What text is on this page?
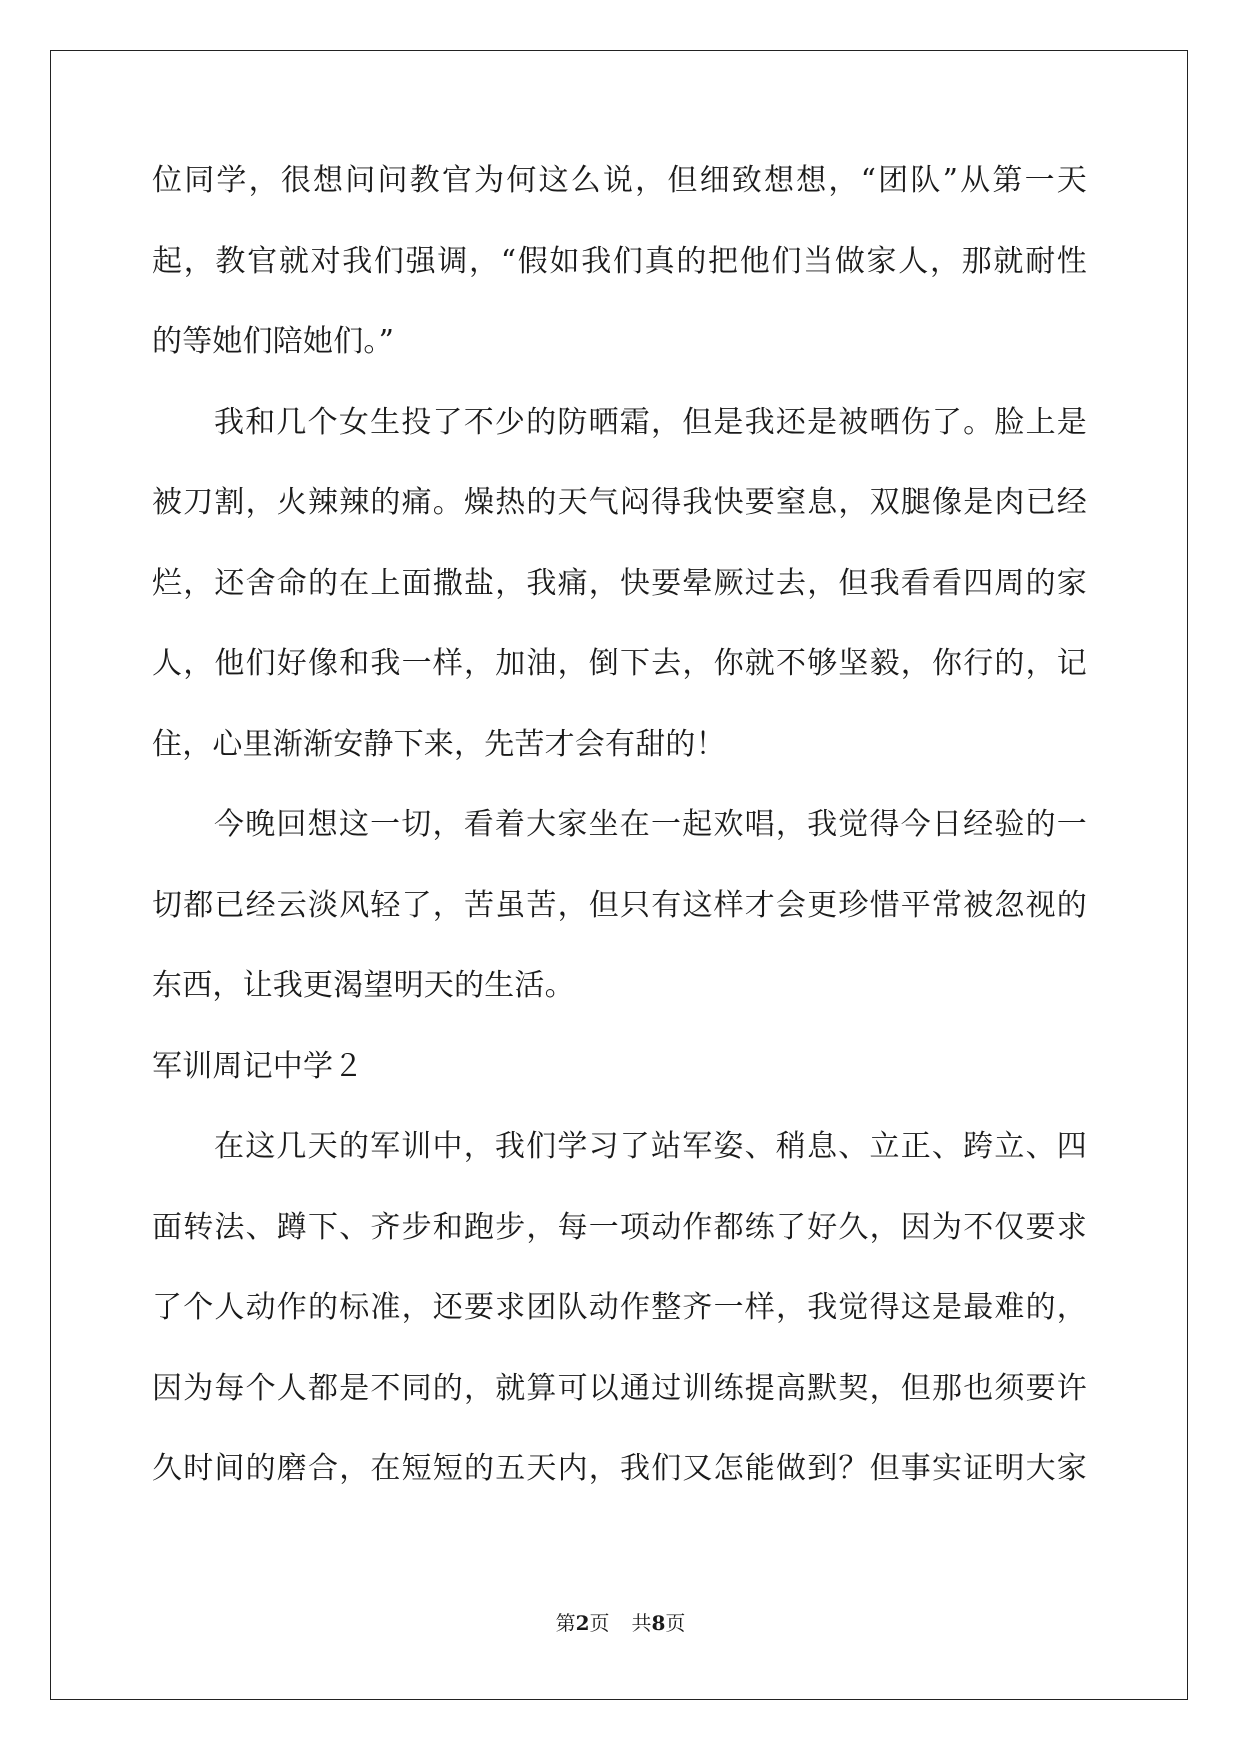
位同学，很想问问教官为何这么说，但细致想想，“团队”从第一天
起，教官就对我们强调，“假如我们真的把他们当做家人，那就耐性
的等她们陪她们。”
我和几个女生投了不少的防晒霜，但是我还是被晒伤了。脸上是
被刀割，火辣辣的痛。燥热的天气闷得我快要窒息，双腿像是肉已经
烂，还舍命的在上面撒盐，我痛，快要晕厥过去，但我看看四周的家
人，他们好像和我一样，加油，倒下去，你就不够坚毅，你行的，记
住，心里渐渐安静下来，先苦才会有甜的！
今晚回想这一切，看着大家坐在一起欢唱，我觉得今日经验的一
切都已经云淡风轻了，苦虽苦，但只有这样才会更珍惜平常被忽视的
东西，让我更渴望明天的生活。
军训周记中学２
在这几天的军训中，我们学习了站军姿、稍息、立正、跨立、四
面转法、蹲下、齐步和跑步，每一项动作都练了好久，因为不仅要求
了个人动作的标准，还要求团队动作整齐一样，我觉得这是最难的，
因为每个人都是不同的，就算可以通过训练提高默契，但那也须要许
久时间的磨合，在短短的五天内，我们又怎能做到？但事实证明大家
第2页 共8页
